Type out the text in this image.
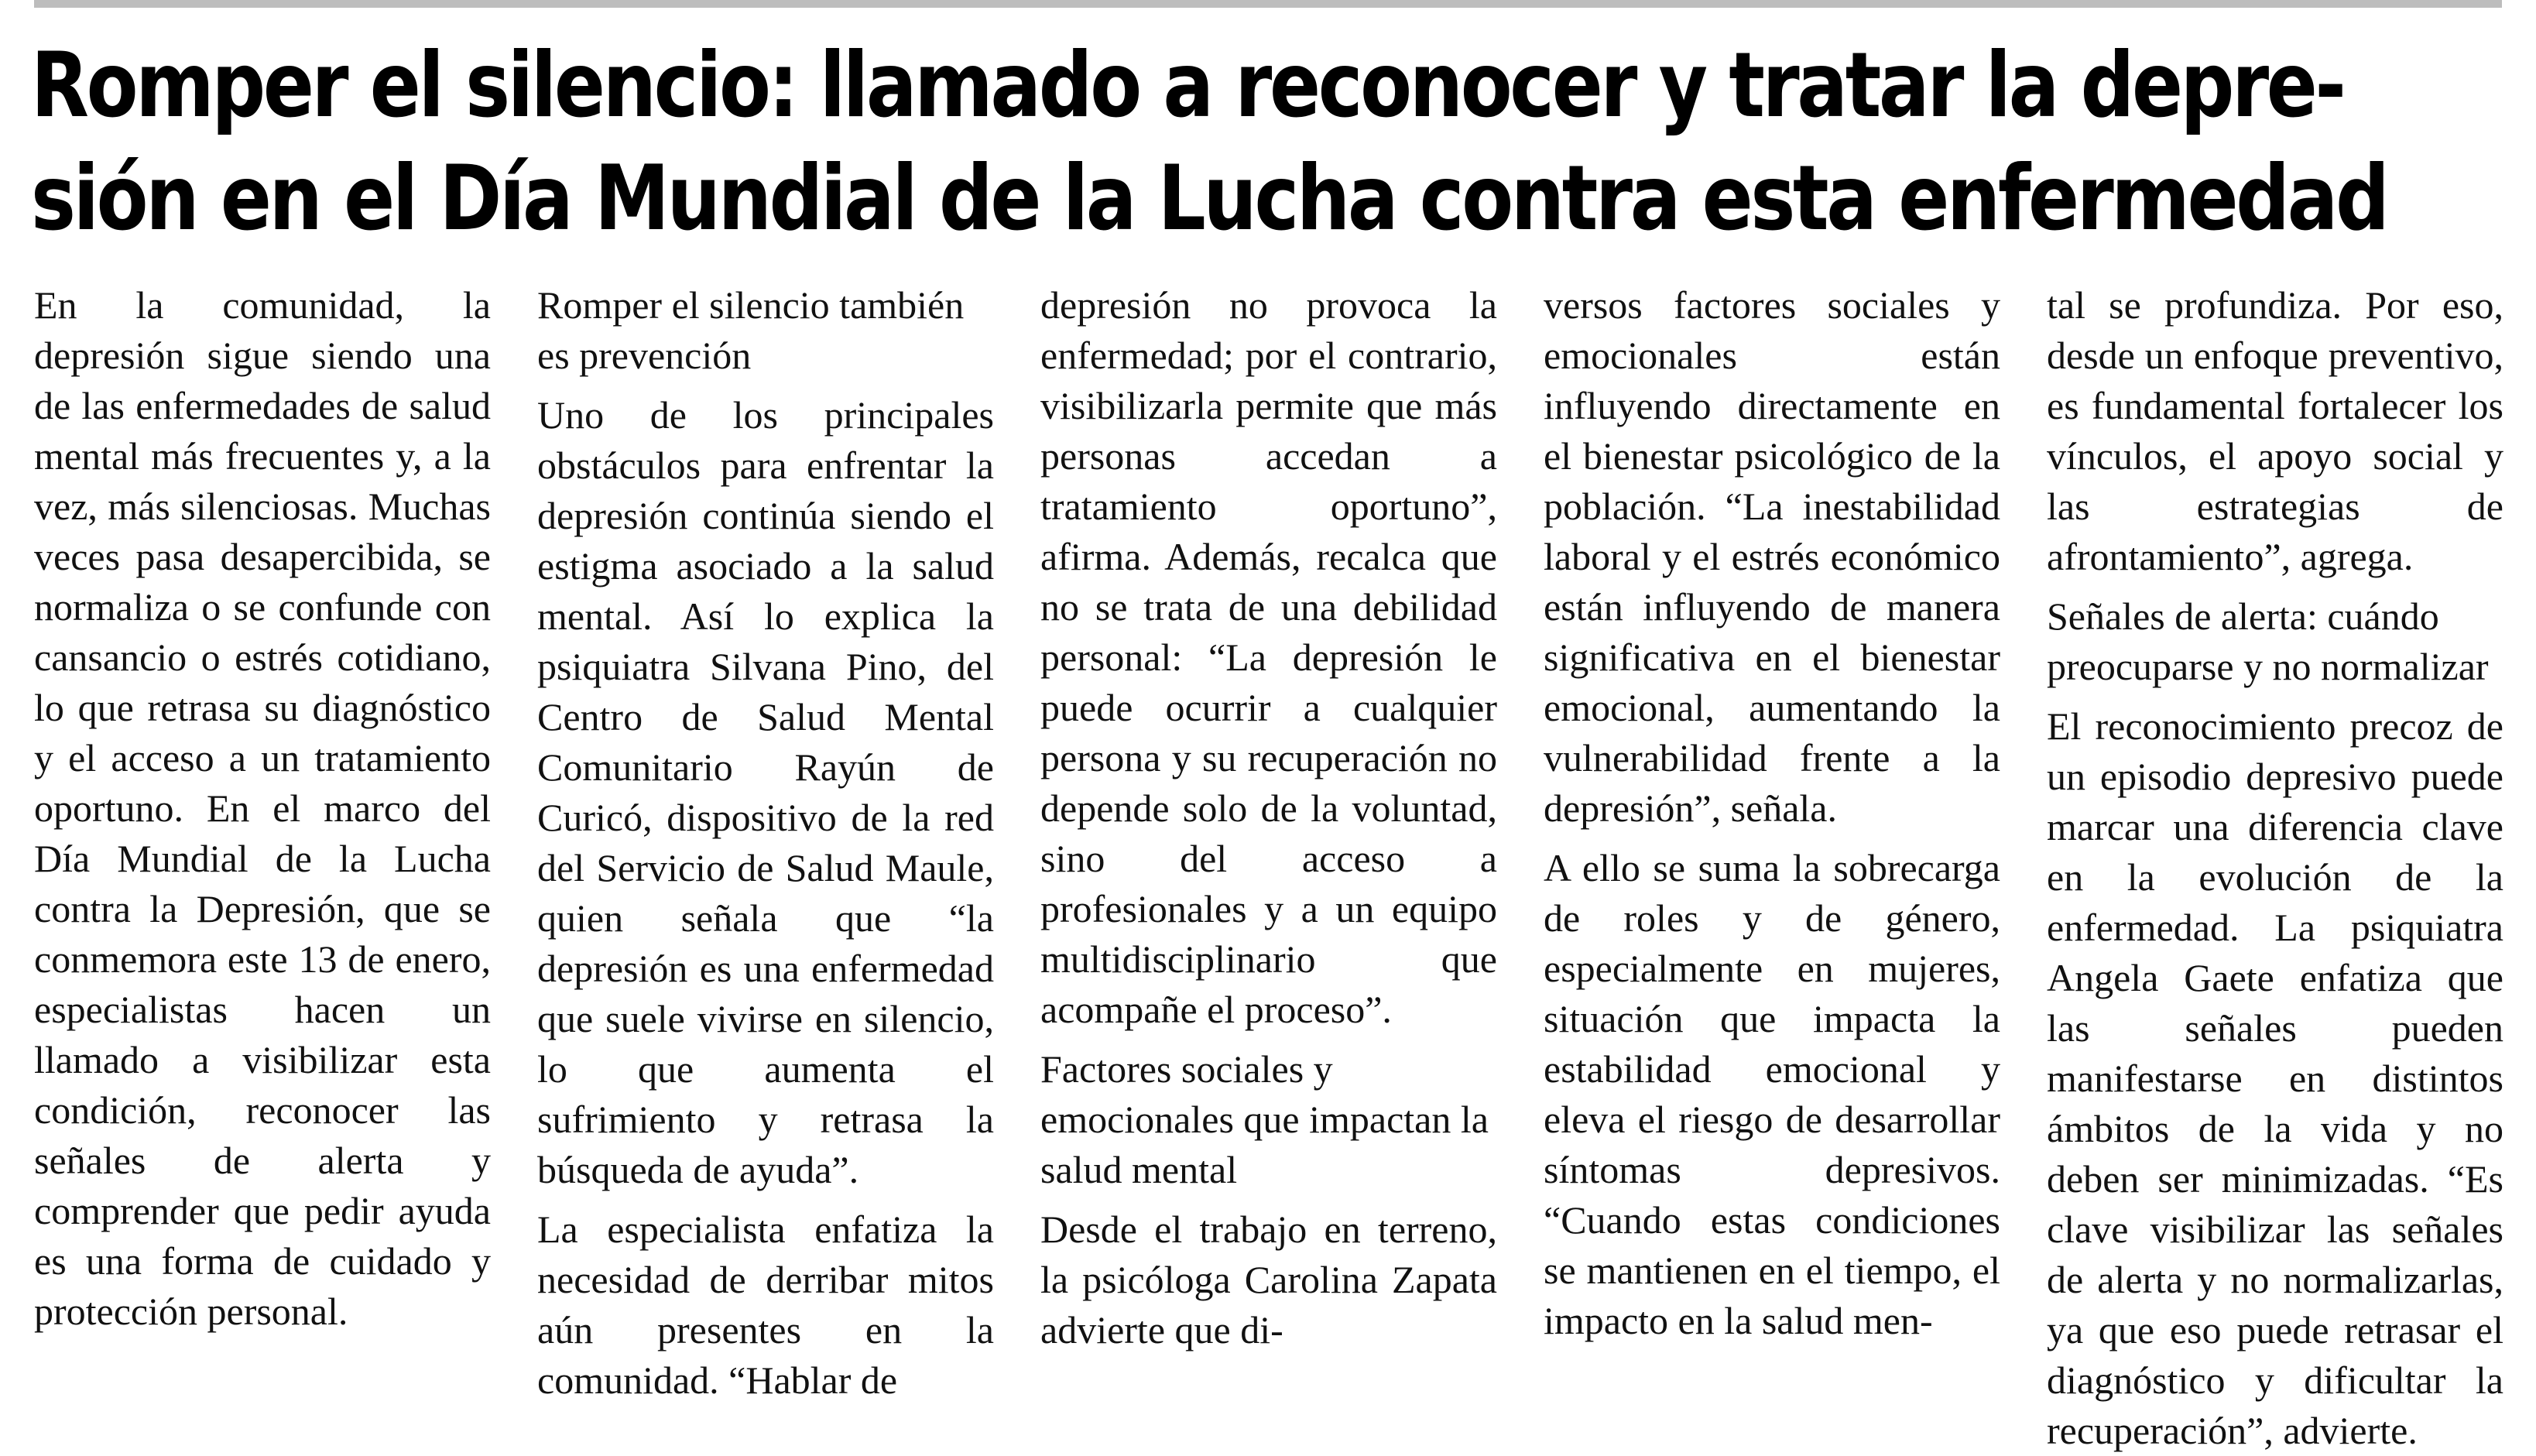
Romper el silencio: llamado a reconocer y tratar la depre-
sión en el Día Mundial de la Lucha contra esta enfermedad

En la comunidad, la depresión sigue siendo una de las enfermedades de salud mental más frecuentes y, a la vez, más silenciosas. Muchas veces pasa desapercibida, se normaliza o se confunde con cansancio o estrés cotidiano, lo que retrasa su diagnóstico y el acceso a un tratamiento oportuno. En el marco del Día Mundial de la Lucha contra la Depresión, que se conmemora este 13 de enero, especialistas hacen un llamado a visibilizar esta condición, reconocer las señales de alerta y comprender que pedir ayuda es una forma de cuidado y protección personal.

Romper el silencio también es prevención

Uno de los principales obstáculos para enfrentar la depresión continúa siendo el estigma asociado a la salud mental. Así lo explica la psiquiatra Silvana Pino, del Centro de Salud Mental Comunitario Rayún de Curicó, dispositivo de la red del Servicio de Salud Maule, quien señala que “la depresión es una enfermedad que suele vivirse en silencio, lo que aumenta el sufrimiento y retrasa la búsqueda de ayuda”.

La especialista enfatiza la necesidad de derribar mitos aún presentes en la comunidad. “Hablar de

depresión no provoca la enfermedad; por el contrario, visibilizarla permite que más personas accedan a tratamiento oportuno”, afirma. Además, recalca que no se trata de una debilidad personal: “La depresión le puede ocurrir a cualquier persona y su recuperación no depende solo de la voluntad, sino del acceso a profesionales y a un equipo multidisciplinario que acompañe el proceso”.

Factores sociales y emocionales que impactan la salud mental

Desde el trabajo en terreno, la psicóloga Carolina Zapata advierte que di-

versos factores sociales y emocionales están influyendo directamente en el bienestar psicológico de la población. “La inestabilidad laboral y el estrés económico están influyendo de manera significativa en el bienestar emocional, aumentando la vulnerabilidad frente a la depresión”, señala.

A ello se suma la sobrecarga de roles y de género, especialmente en mujeres, situación que impacta la estabilidad emocional y eleva el riesgo de desarrollar síntomas depresivos. “Cuando estas condiciones se mantienen en el tiempo, el impacto en la salud men-

tal se profundiza. Por eso, desde un enfoque preventivo, es fundamental fortalecer los vínculos, el apoyo social y las estrategias de afrontamiento”, agrega.

Señales de alerta: cuándo preocuparse y no normalizar

El reconocimiento precoz de un episodio depresivo puede marcar una diferencia clave en la evolución de la enfermedad. La psiquiatra Angela Gaete enfatiza que las señales pueden manifestarse en distintos ámbitos de la vida y no deben ser minimizadas. “Es clave visibilizar las señales de alerta y no normalizarlas, ya que eso puede retrasar el diagnóstico y dificultar la recuperación”, advierte.
